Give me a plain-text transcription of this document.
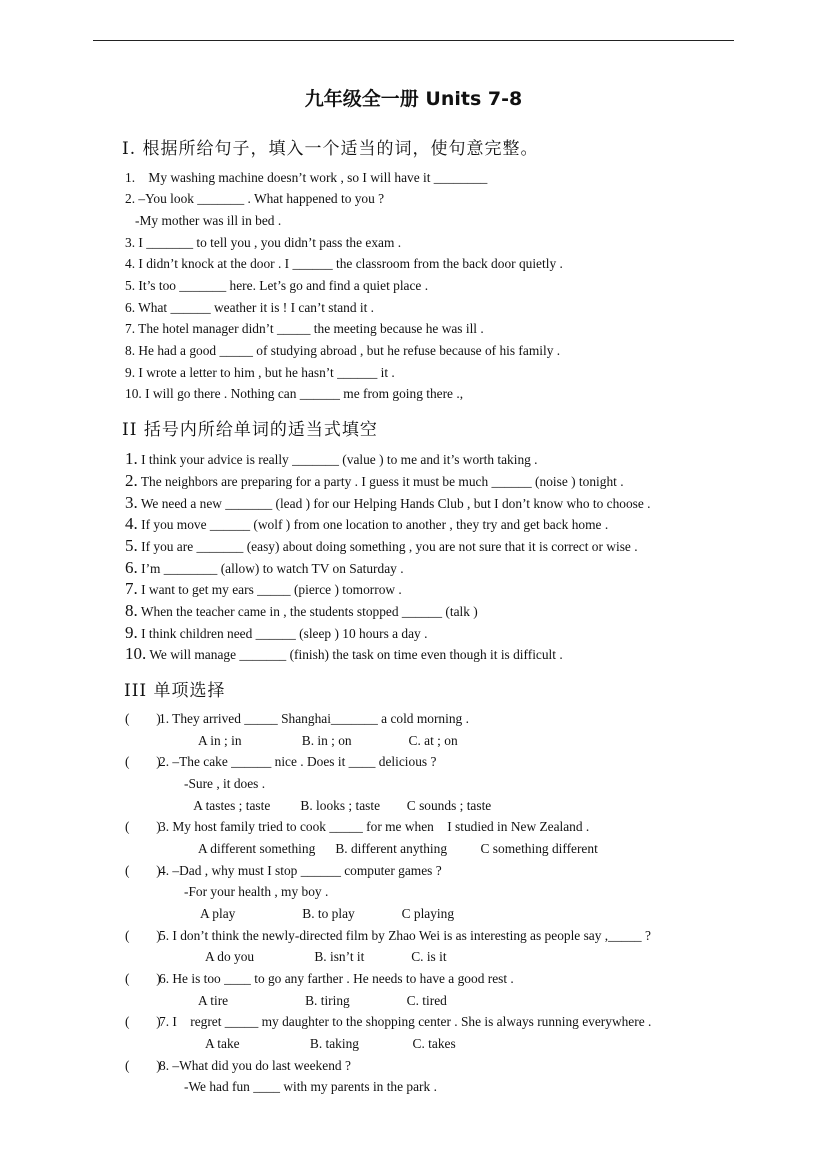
九年级全一册 Units 7-8
I. 根据所给句子，填入一个适当的词，使句意完整。
1.    My washing machine doesn’t work , so I will have it ________
2. –You look _______ . What happened to you ?
-My mother was ill in bed .
3. I _______ to tell you , you didn’t pass the exam .
4. I didn’t knock at the door . I ______ the classroom from the back door quietly .
5. It’s too _______ here. Let’s go and find a quiet place .
6. What ______ weather it is ! I can’t stand it .
7. The hotel manager didn’t _____ the meeting because he was ill .
8. He had a good _____ of studying abroad , but he refuse because of his family .
9. I wrote a letter to him , but he hasn’t ______ it .
10. I will go there . Nothing can ______ me from going there .,
II 括号内所给单词的适当式填空
1. I think your advice is really _______ (value ) to me and it’s worth taking .
2. The neighbors are preparing for a party . I guess it must be much ______ (noise ) tonight .
3. We need a new _______ (lead ) for our Helping Hands Club , but I don’t know who to choose .
4. If you move ______ (wolf ) from one location to another , they try and get back home .
5. If you are _______ (easy) about doing something , you are not sure that it is correct or wise .
6. I’m ________ (allow) to watch TV on Saturday .
7. I want to get my ears _____ (pierce ) tomorrow .
8. When the teacher came in , the students stopped ______ (talk )
9. I think children need ______ (sleep ) 10 hours a day .
10. We will manage _______ (finish) the task on time even though it is difficult .
III 单项选择
(        )1. They arrived _____ Shanghai_______ a cold morning .
A in ; in                  B. in ; on                 C. at ; on
(        )2. –The cake ______ nice . Does it ____ delicious ?
-Sure , it does .
A tastes ; taste         B. looks ; taste        C sounds ; taste
(        )3. My host family tried to cook _____ for me when    I studied in New Zealand .
A different something      B. different anything          C something different
(        )4. –Dad , why must I stop ______ computer games ?
-For your health , my boy .
A play                    B. to play              C playing
(        )5. I don’t think the newly-directed film by Zhao Wei is as interesting as people say ,_____ ?
A do you                  B. isn’t it              C. is it
(        )6. He is too ____ to go any farther . He needs to have a good rest .
A tire                       B. tiring                 C. tired
(        )7. I    regret _____ my daughter to the shopping center . She is always running everywhere .
A take                     B. taking                C. takes
(        )8. –What did you do last weekend ?
-We had fun ____ with my parents in the park .
